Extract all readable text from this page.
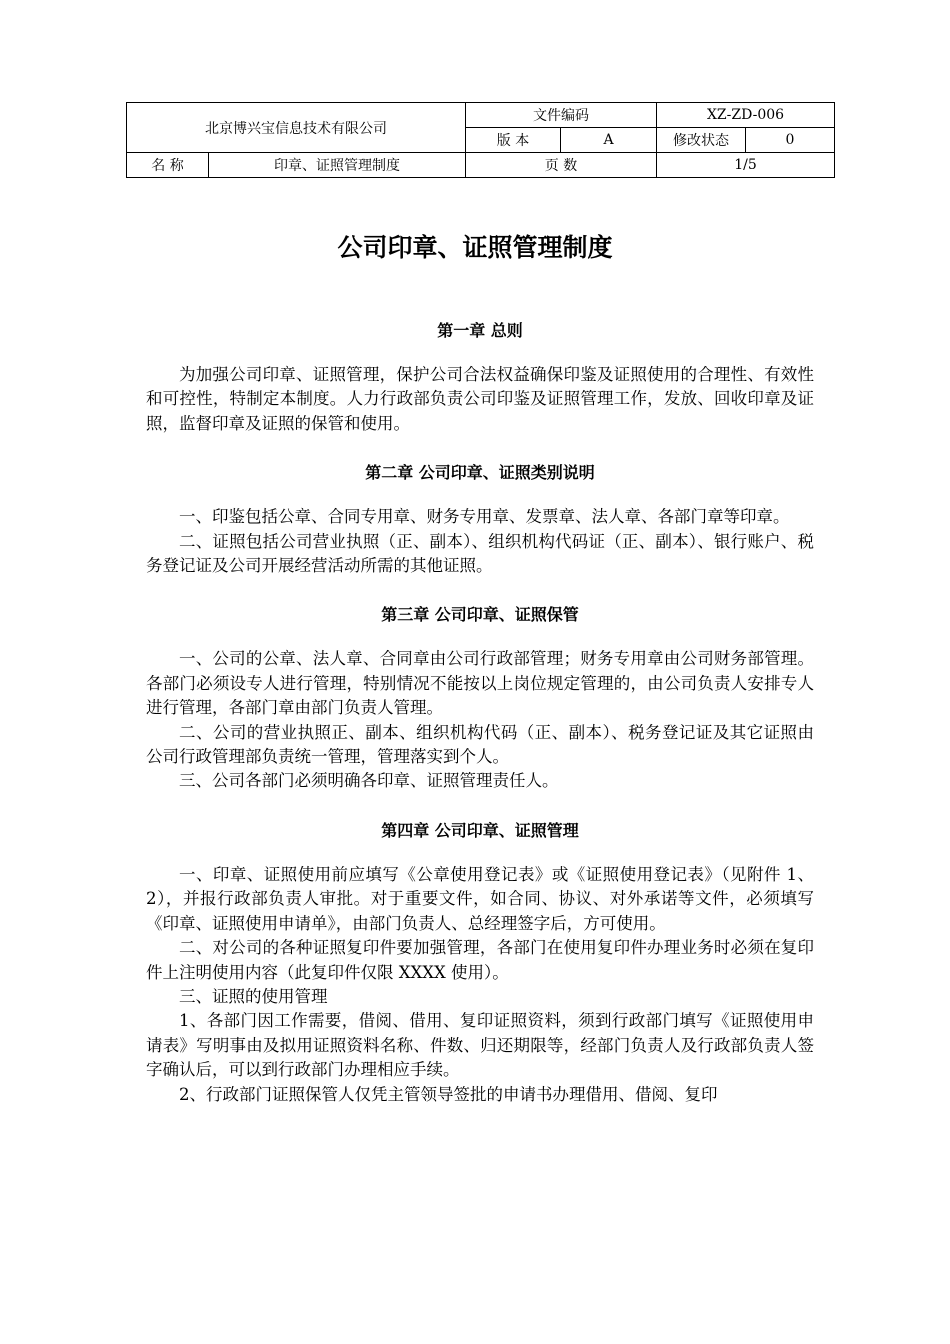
北京博兴宝信息技术有限公司		文件编码		XZ-ZD-006	
		版 本	A	修改状态	0
名 称	印章、证照管理制度	页 数		1/5	
公司印章、证照管理制度
第一章 总则

为加强公司印章、证照管理，保护公司合法权益确保印鉴及证照使用的合理性、有效性和可控性，特制定本制度。人力行政部负责公司印鉴及证照管理工作，发放、回收印章及证照，监督印章及证照的保管和使用。

第二章 公司印章、证照类别说明

一、印鉴包括公章、合同专用章、财务专用章、发票章、法人章、各部门章等印章。

二、证照包括公司营业执照（正、副本）、组织机构代码证（正、副本）、银行账户、税务登记证及公司开展经营活动所需的其他证照。

第三章 公司印章、证照保管

一、公司的公章、法人章、合同章由公司行政部管理；财务专用章由公司财务部管理。各部门必须设专人进行管理，特别情况不能按以上岗位规定管理的，由公司负责人安排专人进行管理，各部门章由部门负责人管理。

二、公司的营业执照正、副本、组织机构代码（正、副本）、税务登记证及其它证照由公司行政管理部负责统一管理，管理落实到个人。

三、公司各部门必须明确各印章、证照管理责任人。

第四章 公司印章、证照管理

一、印章、证照使用前应填写《公章使用登记表》或《证照使用登记表》（见附件 1、2），并报行政部负责人审批。对于重要文件，如合同、协议、对外承诺等文件，必须填写《印章、证照使用申请单》，由部门负责人、总经理签字后，方可使用。

二、对公司的各种证照复印件要加强管理，各部门在使用复印件办理业务时必须在复印件上注明使用内容（此复印件仅限 XXXX 使用）。

三、证照的使用管理

1、各部门因工作需要，借阅、借用、复印证照资料，须到行政部门填写《证照使用申请表》写明事由及拟用证照资料名称、件数、归还期限等，经部门负责人及行政部负责人签字确认后，可以到行政部门办理相应手续。

2、行政部门证照保管人仅凭主管领导签批的申请书办理借用、借阅、复印
